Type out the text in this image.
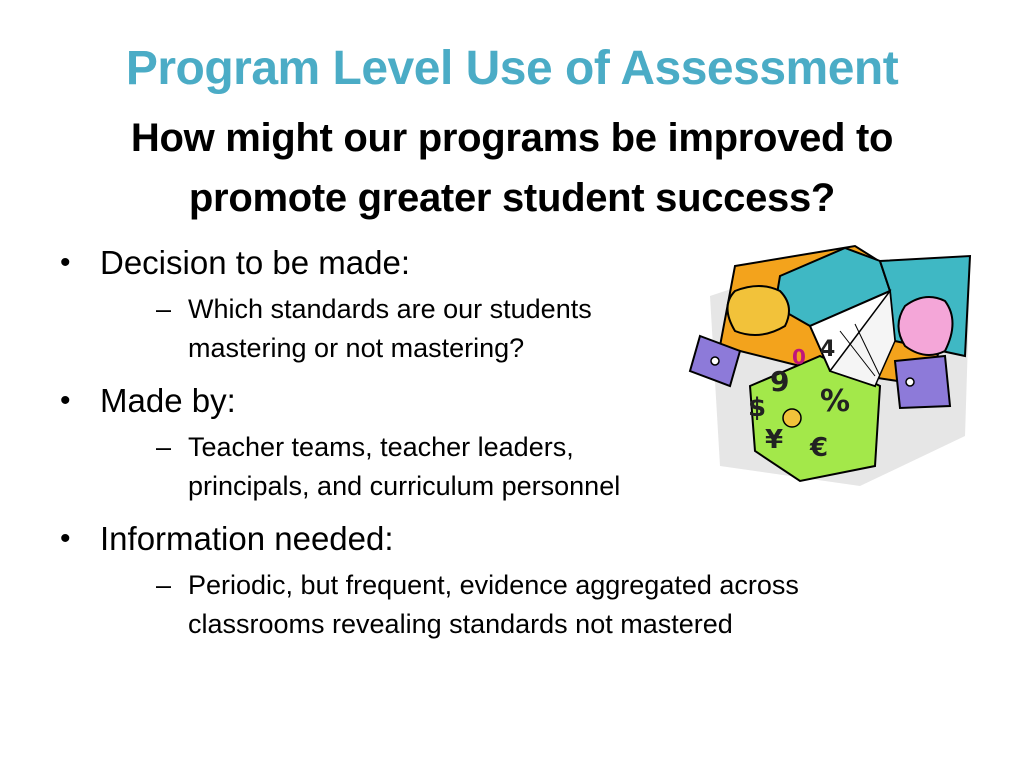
Program Level Use of Assessment
How might our programs be improved to promote greater student success?
• Decision to be made:
– Which standards are our students
mastering or not mastering?
• Made by:
– Teacher teams, teacher leaders,
principals, and curriculum personnel
• Information needed:
– Periodic, but frequent, evidence aggregated across
classrooms revealing standards not mastered
4
9
%
$
¥ €
0
